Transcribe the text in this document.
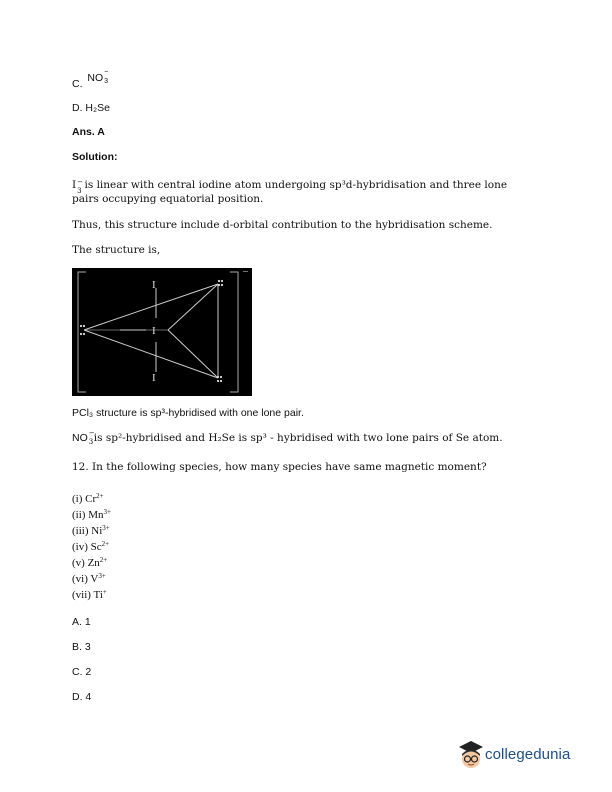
C. NO −
3
D. H₂Se
Ans. A
Solution:
I −
3 is linear with central iodine atom undergoing sp³d-hybridisation and three lone
pairs occupying equatorial position.
Thus, this structure include d-orbital contribution to the hybridisation scheme.
The structure is,
−
I
I
I
PCl₃ structure is sp³-hybridised with one lone pair.
NO −
3 is sp²-hybridised and H₂Se is sp³ - hybridised with two lone pairs of Se atom.
12. In the following species, how many species have same magnetic moment?
(i) $Cr^{2+}$
(ii) $Mn^{3+}$
(iii) $Ni^{3+}$
(iv) $Sc^{2+}$
(v) $Zn^{2+}$
(vi) $V^{3+}$
(vii) Ti+
A. 1
B. 3
C. 2
D. 4
collegedunia
